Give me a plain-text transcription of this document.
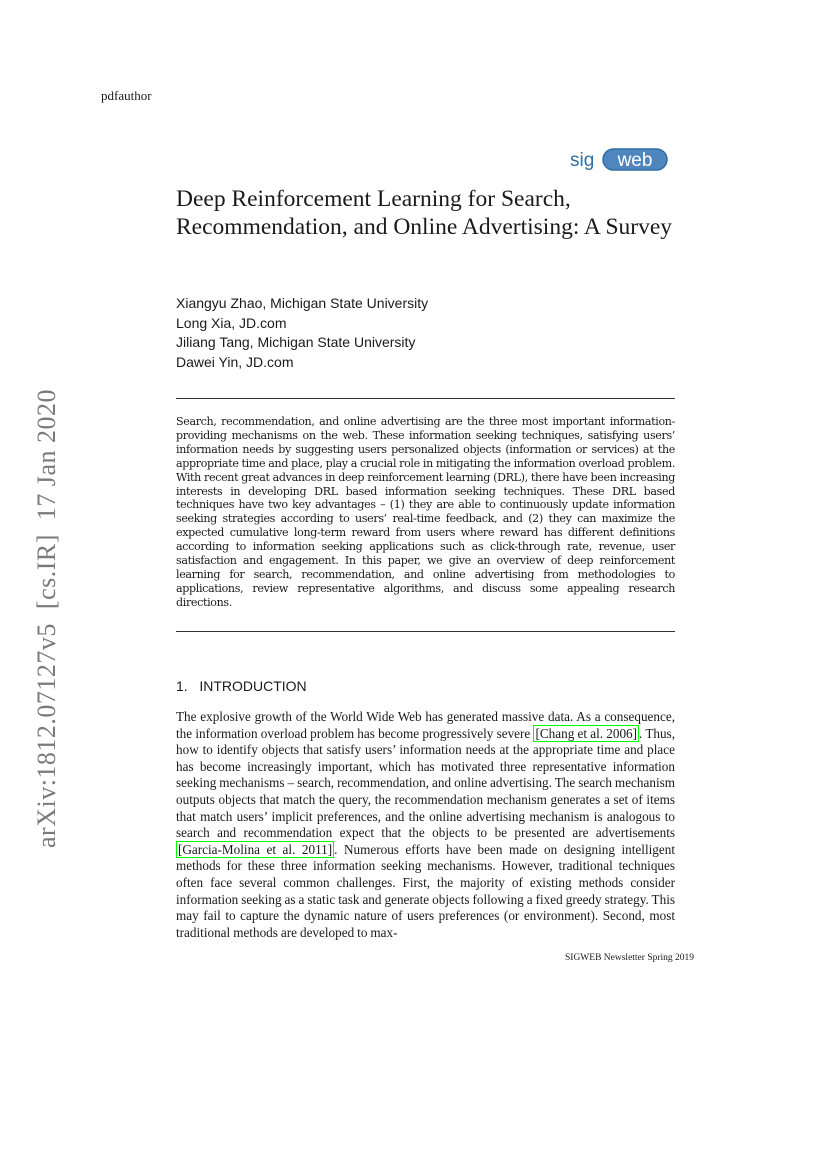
pdfauthor
sig web
Deep Reinforcement Learning for Search, Recommendation, and Online Advertising: A Survey
Xiangyu Zhao, Michigan State University
Long Xia, JD.com
Jiliang Tang, Michigan State University
Dawei Yin, JD.com
Search, recommendation, and online advertising are the three most important information-providing mechanisms on the web. These information seeking techniques, satisfying users’ information needs by suggesting users personalized objects (information or services) at the appropriate time and place, play a crucial role in mitigating the information overload problem. With recent great advances in deep reinforcement learning (DRL), there have been increasing interests in developing DRL based information seeking techniques. These DRL based techniques have two key advantages – (1) they are able to continuously update information seeking strategies according to users’ real-time feedback, and (2) they can maximize the expected cumulative long-term reward from users where reward has different definitions according to information seeking applications such as click-through rate, revenue, user satisfaction and engagement. In this paper, we give an overview of deep reinforcement learning for search, recommendation, and online advertising from methodologies to applications, review representative algorithms, and discuss some appealing research directions.
1.   INTRODUCTION
The explosive growth of the World Wide Web has generated massive data. As a consequence, the information overload problem has become progressively severe [Chang et al. 2006] . Thus, how to identify objects that satisfy users’ information needs at the appropriate time and place has become increasingly important, which has motivated three representative information seeking mechanisms – search, recommendation, and online advertising. The search mechanism outputs objects that match the query, the recommendation mechanism generates a set of items that match users’ implicit preferences, and the online advertising mechanism is analogous to search and recommendation expect that the objects to be presented are advertisements [Garcia-Molina et al. 2011] . Numerous efforts have been made on designing intelligent methods for these three information seeking mechanisms. However, traditional techniques often face several common challenges. First, the majority of existing methods consider information seeking as a static task and generate objects following a fixed greedy strategy. This may fail to capture the dynamic nature of users preferences (or environment). Second, most traditional methods are developed to max-
SIGWEB Newsletter Spring 2019
arXiv:1812.07127v5  [cs.IR]  17 Jan 2020
